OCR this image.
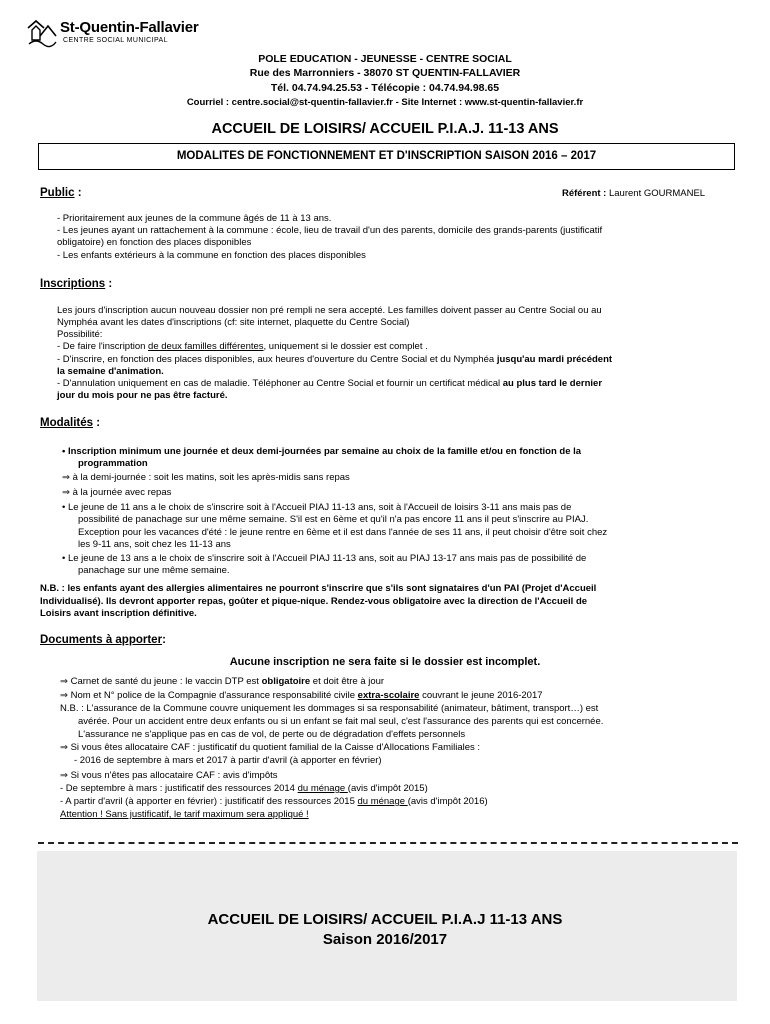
St-Quentin-Fallavier
CENTRE SOCIAL MUNICIPAL
POLE EDUCATION - JEUNESSE - CENTRE SOCIAL
Rue des Marronniers - 38070 ST QUENTIN-FALLAVIER
Tél. 04.74.94.25.53 - Télécopie : 04.74.94.98.65
Courriel : centre.social@st-quentin-fallavier.fr - Site Internet : www.st-quentin-fallavier.fr
ACCUEIL DE LOISIRS/ ACCUEIL P.I.A.J. 11-13 ANS
MODALITES DE FONCTIONNEMENT ET D'INSCRIPTION SAISON 2016 – 2017
Public :	Référent : Laurent GOURMANEL
- Prioritairement aux jeunes de la commune âgés de 11 à 13 ans.
- Les jeunes ayant un rattachement à la commune : école, lieu de travail d'un des parents, domicile des grands-parents (justificatif
obligatoire) en fonction des places disponibles
- Les enfants extérieurs à la commune en fonction des places disponibles
Inscriptions :
Les jours d'inscription aucun nouveau dossier non pré rempli ne sera accepté. Les familles doivent passer au Centre Social ou au
Nymphéa avant les dates d'inscriptions (cf: site internet, plaquette du Centre Social)
Possibilité:
- De faire l'inscription de deux familles différentes, uniquement si le dossier est complet .
- D'inscrire, en fonction des places disponibles, aux heures d'ouverture du Centre Social et du Nymphéa jusqu'au mardi précédent
la semaine d'animation.
- D'annulation uniquement en cas de maladie. Téléphoner au Centre Social et fournir un certificat médical au plus tard le dernier
jour du mois pour ne pas être facturé.
Modalités :
• Inscription minimum une journée et deux demi-journées par semaine au choix de la famille et/ou en fonction de la
programmation
⇒ à la demi-journée : soit les matins, soit les après-midis sans repas
⇒ à la journée avec repas
• Le jeune de 11 ans a le choix de s'inscrire soit à l'Accueil PIAJ 11-13 ans, soit à l'Accueil de loisirs 3-11 ans mais pas de
possibilité de panachage sur une même semaine. S'il est en 6ème et qu'il n'a pas encore 11 ans il peut s'inscrire au PIAJ.
Exception pour les vacances d'été : le jeune rentre en 6ème et il est dans l'année de ses 11 ans, il peut choisir d'être soit chez
les 9-11 ans, soit chez les 11-13 ans
• Le jeune de 13 ans a le choix de s'inscrire soit à l'Accueil PIAJ 11-13 ans, soit au PIAJ 13-17 ans mais pas de possibilité de
panachage sur une même semaine.
N.B. : les enfants ayant des allergies alimentaires ne pourront s'inscrire que s'ils sont signataires d'un PAI (Projet d'Accueil
Individualisé). Ils devront apporter repas, goûter et pique-nique. Rendez-vous obligatoire avec la direction de l'Accueil de
Loisirs avant inscription définitive.
Documents à apporter:
Aucune inscription ne sera faite si le dossier est incomplet.
⇒ Carnet de santé du jeune : le vaccin DTP est obligatoire et doit être à jour
⇒ Nom et N° police de la Compagnie d'assurance responsabilité civile extra-scolaire couvrant le jeune 2016-2017
N.B. : L'assurance de la Commune couvre uniquement les dommages si sa responsabilité (animateur, bâtiment, transport…) est
avérée. Pour un accident entre deux enfants ou si un enfant se fait mal seul, c'est l'assurance des parents qui est concernée.
L'assurance ne s'applique pas en cas de vol, de perte ou de dégradation d'effets personnels
⇒ Si vous êtes allocataire CAF : justificatif du quotient familial de la Caisse d'Allocations Familiales :
- 2016 de septembre à mars et 2017 à partir d'avril (à apporter en février)
⇒ Si vous n'êtes pas allocataire CAF : avis d'impôts
- De septembre à mars : justificatif des ressources 2014 du ménage (avis d'impôt 2015)
- A partir d'avril (à apporter en février) : justificatif des ressources 2015 du ménage (avis d'impôt 2016)
Attention ! Sans justificatif, le tarif maximum sera appliqué !
ACCUEIL DE LOISIRS/ ACCUEIL P.I.A.J 11-13 ANS
Saison 2016/2017
